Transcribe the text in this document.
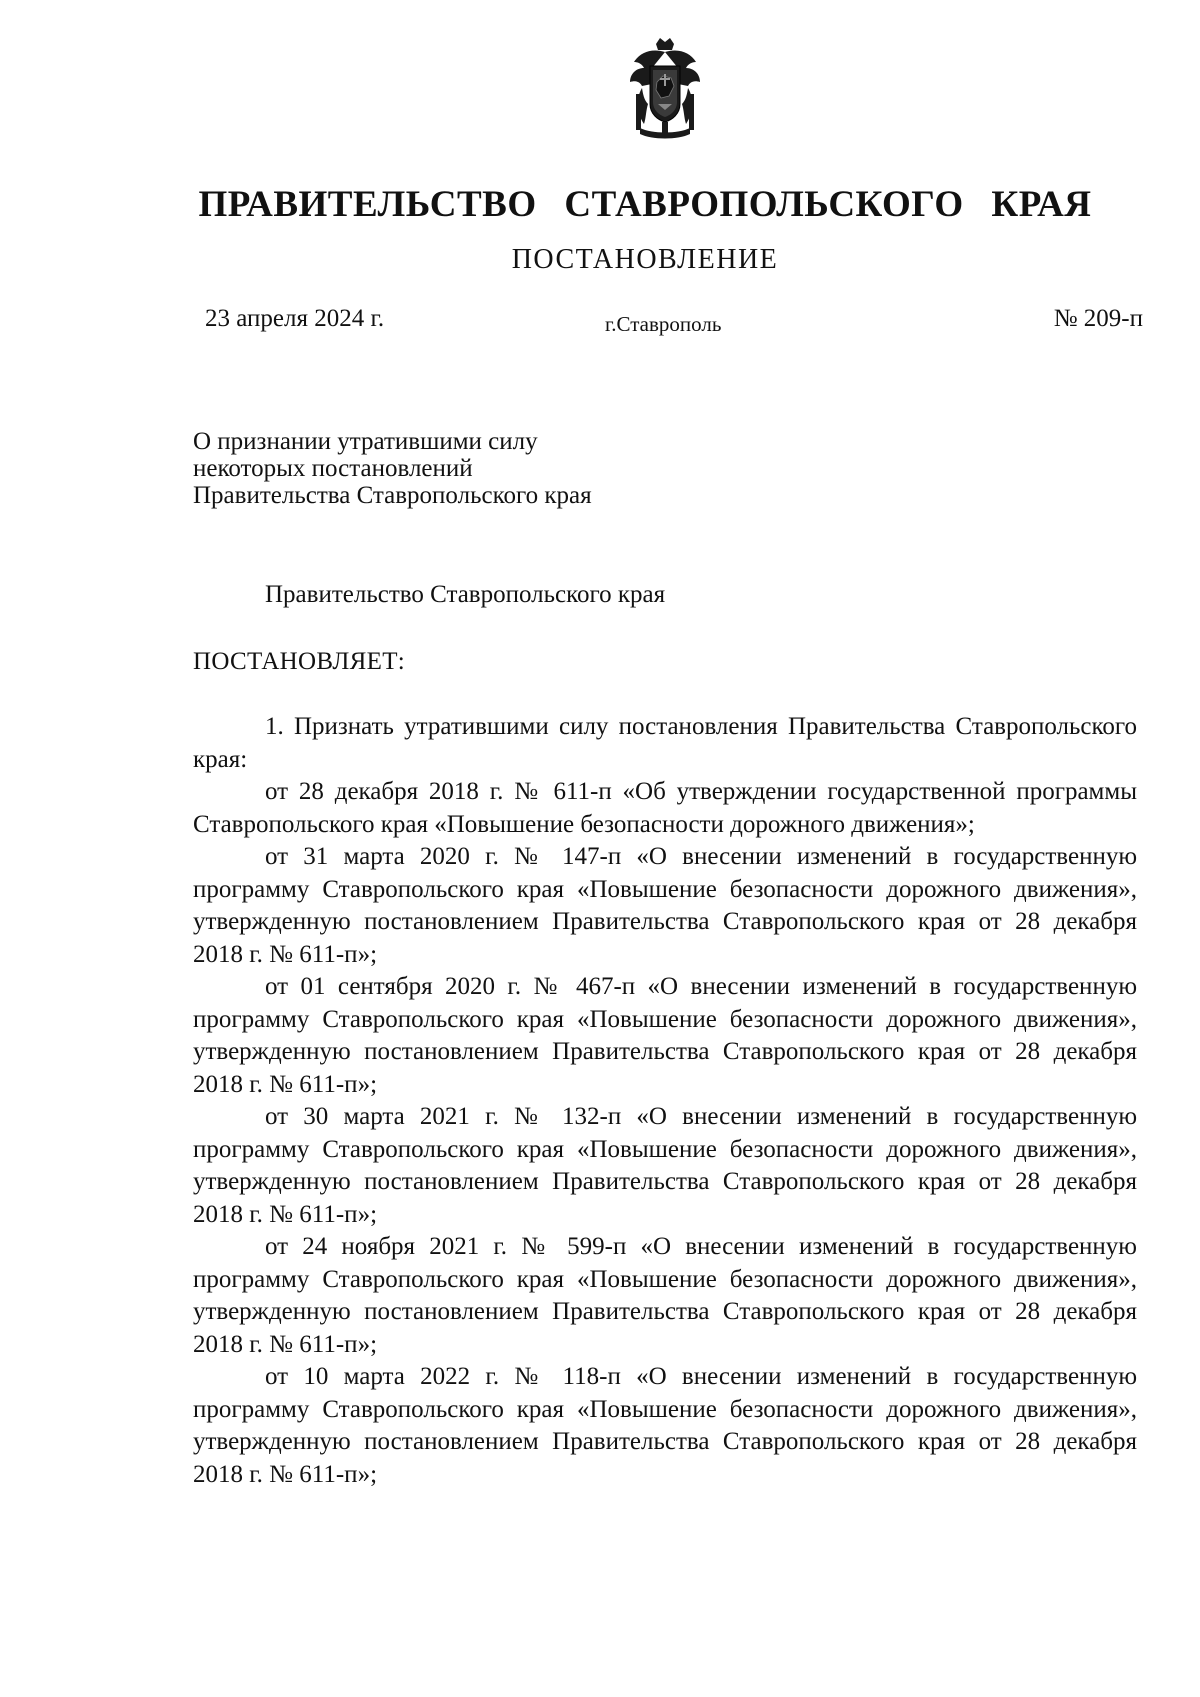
ПРАВИТЕЛЬСТВО СТАВРОПОЛЬСКОГО КРАЯ
ПОСТАНОВЛЕНИЕ
23 апреля 2024 г.	г.Ставрополь	№ 209-п
О признании утратившими силу
некоторых постановлений
Правительства Ставропольского края
Правительство Ставропольского края
ПОСТАНОВЛЯЕТ:

1. Признать утратившими силу постановления Правительства Ставропольского края:

от 28 декабря 2018 г. № 611-п «Об утверждении государственной программы Ставропольского края «Повышение безопасности дорожного движения»;

от 31 марта 2020 г. № 147-п «О внесении изменений в государственную программу Ставропольского края «Повышение безопасности дорожного движения», утвержденную постановлением Правительства Ставропольского края от 28 декабря 2018 г. № 611-п»;

от 01 сентября 2020 г. № 467-п «О внесении изменений в государственную программу Ставропольского края «Повышение безопасности дорожного движения», утвержденную постановлением Правительства Ставропольского края от 28 декабря 2018 г. № 611-п»;

от 30 марта 2021 г. № 132-п «О внесении изменений в государственную программу Ставропольского края «Повышение безопасности дорожного движения», утвержденную постановлением Правительства Ставропольского края от 28 декабря 2018 г. № 611-п»;

от 24 ноября 2021 г. № 599-п «О внесении изменений в государственную программу Ставропольского края «Повышение безопасности дорожного движения», утвержденную постановлением Правительства Ставропольского края от 28 декабря 2018 г. № 611-п»;

от 10 марта 2022 г. № 118-п «О внесении изменений в государственную программу Ставропольского края «Повышение безопасности дорожного движения», утвержденную постановлением Правительства Ставропольского края от 28 декабря 2018 г. № 611-п»;
